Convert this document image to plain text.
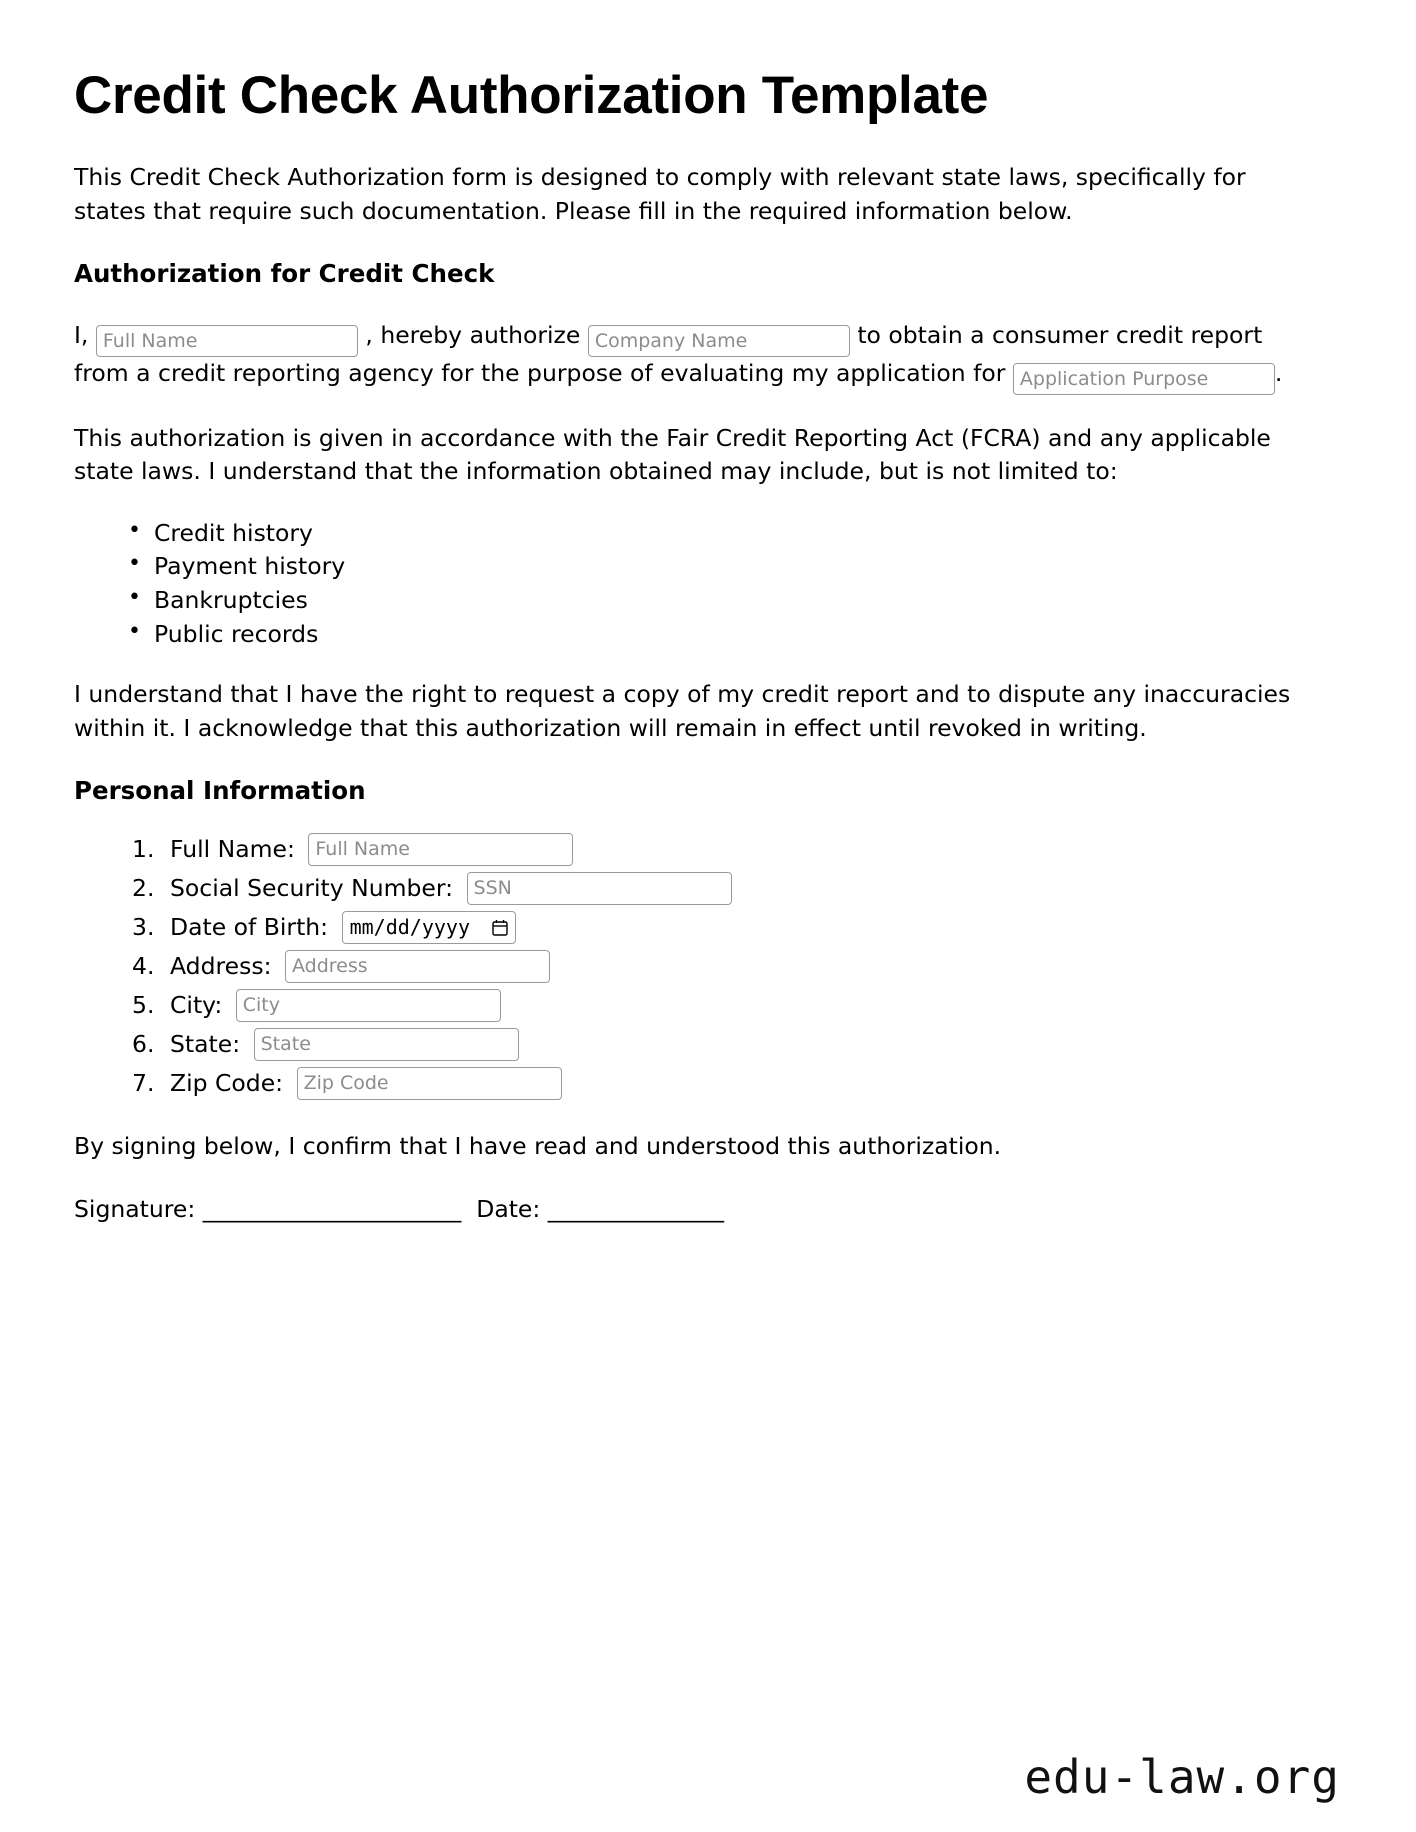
Credit Check Authorization Template

This Credit Check Authorization form is designed to comply with relevant state laws, specifically for states that require such documentation. Please fill in the required information below.

Authorization for Credit Check
I, Full Name	, hereby authorize Company Name	to obtain a consumer credit report from a credit reporting agency for the purpose of evaluating my application for Application Purpose	.

This authorization is given in accordance with the Fair Credit Reporting Act (FCRA) and any applicable state laws. I understand that the information obtained may include, but is not limited to:

• Credit history
• Payment history
• Bankruptcies
• Public records

I understand that I have the right to request a copy of my credit report and to dispute any inaccuracies within it. I acknowledge that this authorization will remain in effect until revoked in writing.

Personal Information
Full Name: Full Name
Social Security Number: SSN
Date of Birth: mm/dd/yyyy
Address: Address
City: City
State: State
Zip Code: Zip Code

By signing below, I confirm that I have read and understood this authorization.

Signature: ______________________ Date: _______________

edu-law.org
